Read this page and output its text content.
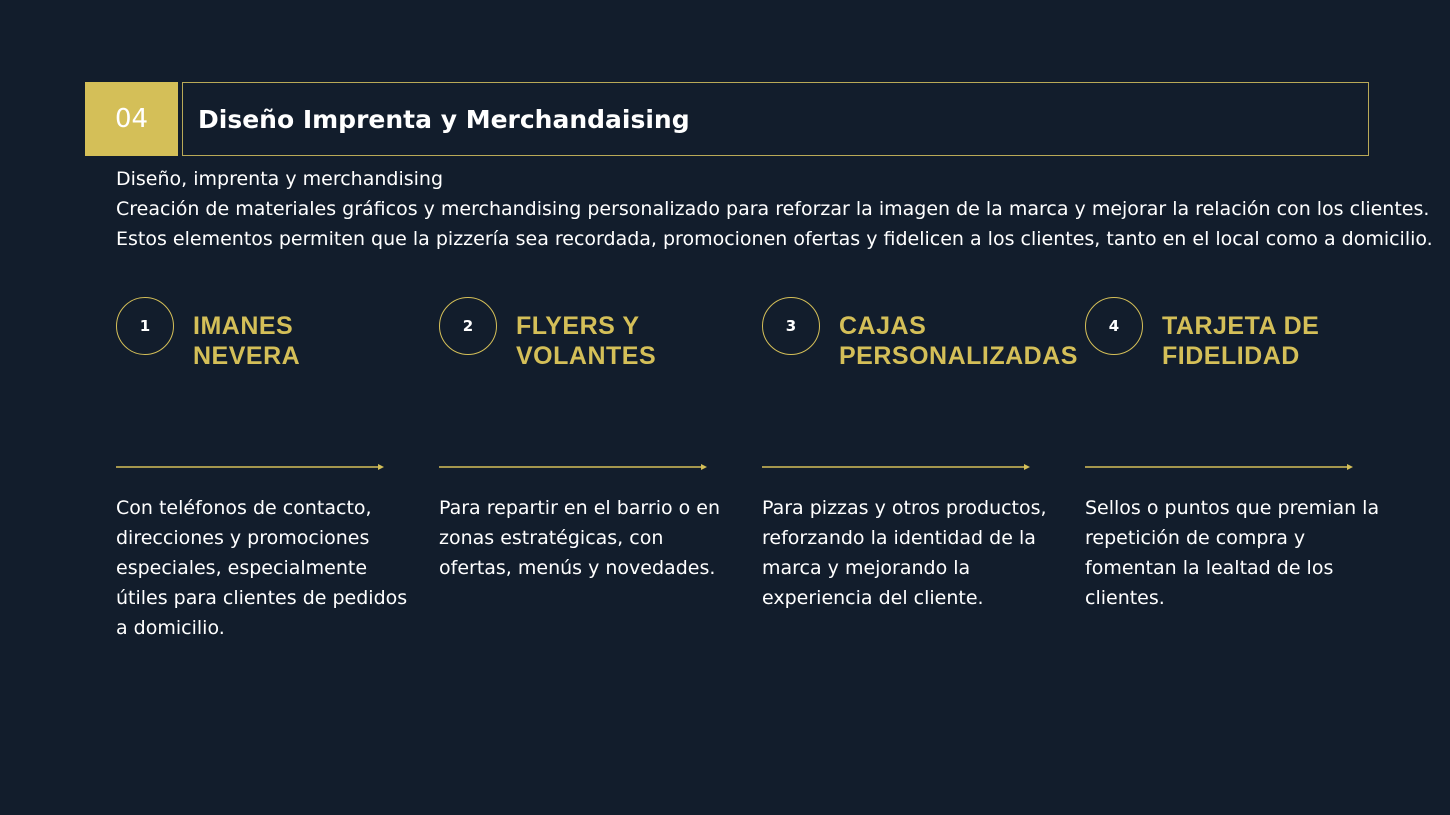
04	Diseño Imprenta y Merchandaising
Diseño, imprenta y merchandising
Creación de materiales gráficos y merchandising personalizado para reforzar la imagen de la marca y mejorar la relación con los clientes.
Estos elementos permiten que la pizzería sea recordada, promocionen ofertas y fidelicen a los clientes, tanto en el local como a domicilio.
1	IMANES
NEVERA
Con teléfonos de contacto, direcciones y promociones especiales, especialmente útiles para clientes de pedidos a domicilio.
2	FLYERS Y
VOLANTES
Para repartir en el barrio o en zonas estratégicas, con ofertas, menús y novedades.
3	CAJAS
PERSONALIZADAS
Para pizzas y otros productos, reforzando la identidad de la marca y mejorando la experiencia del cliente.
4	TARJETA DE
FIDELIDAD
Sellos o puntos que premian la repetición de compra y fomentan la lealtad de los clientes.
